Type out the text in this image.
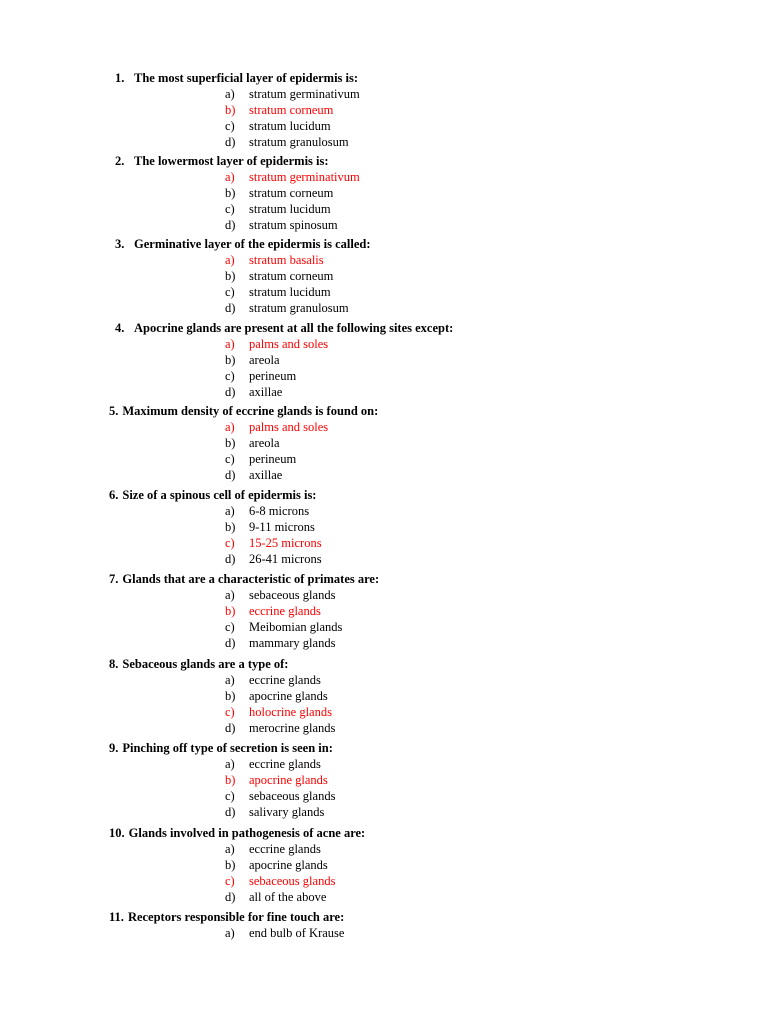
1. The most superficial layer of epidermis is:
a) stratum germinativum
b) stratum corneum
c) stratum lucidum
d) stratum granulosum
2. The lowermost layer of epidermis is:
a) stratum germinativum
b) stratum corneum
c) stratum lucidum
d) stratum spinosum
3. Germinative layer of the epidermis is called:
a) stratum basalis
b) stratum corneum
c) stratum lucidum
d) stratum granulosum
4. Apocrine glands are present at all the following sites except:
a) palms and soles
b) areola
c) perineum
d) axillae
5. Maximum density of eccrine glands is found on:
a) palms and soles
b) areola
c) perineum
d) axillae
6. Size of a spinous cell of epidermis is:
a) 6-8 microns
b) 9-11 microns
c) 15-25 microns
d) 26-41 microns
7. Glands that are a characteristic of primates are:
a) sebaceous glands
b) eccrine glands
c) Meibomian glands
d) mammary glands
8. Sebaceous glands are a type of:
a) eccrine glands
b) apocrine glands
c) holocrine glands
d) merocrine glands
9. Pinching off type of secretion is seen in:
a) eccrine glands
b) apocrine glands
c) sebaceous glands
d) salivary glands
10. Glands involved in pathogenesis of acne are:
a) eccrine glands
b) apocrine glands
c) sebaceous glands
d) all of the above
11. Receptors responsible for fine touch are:
a) end bulb of Krause
